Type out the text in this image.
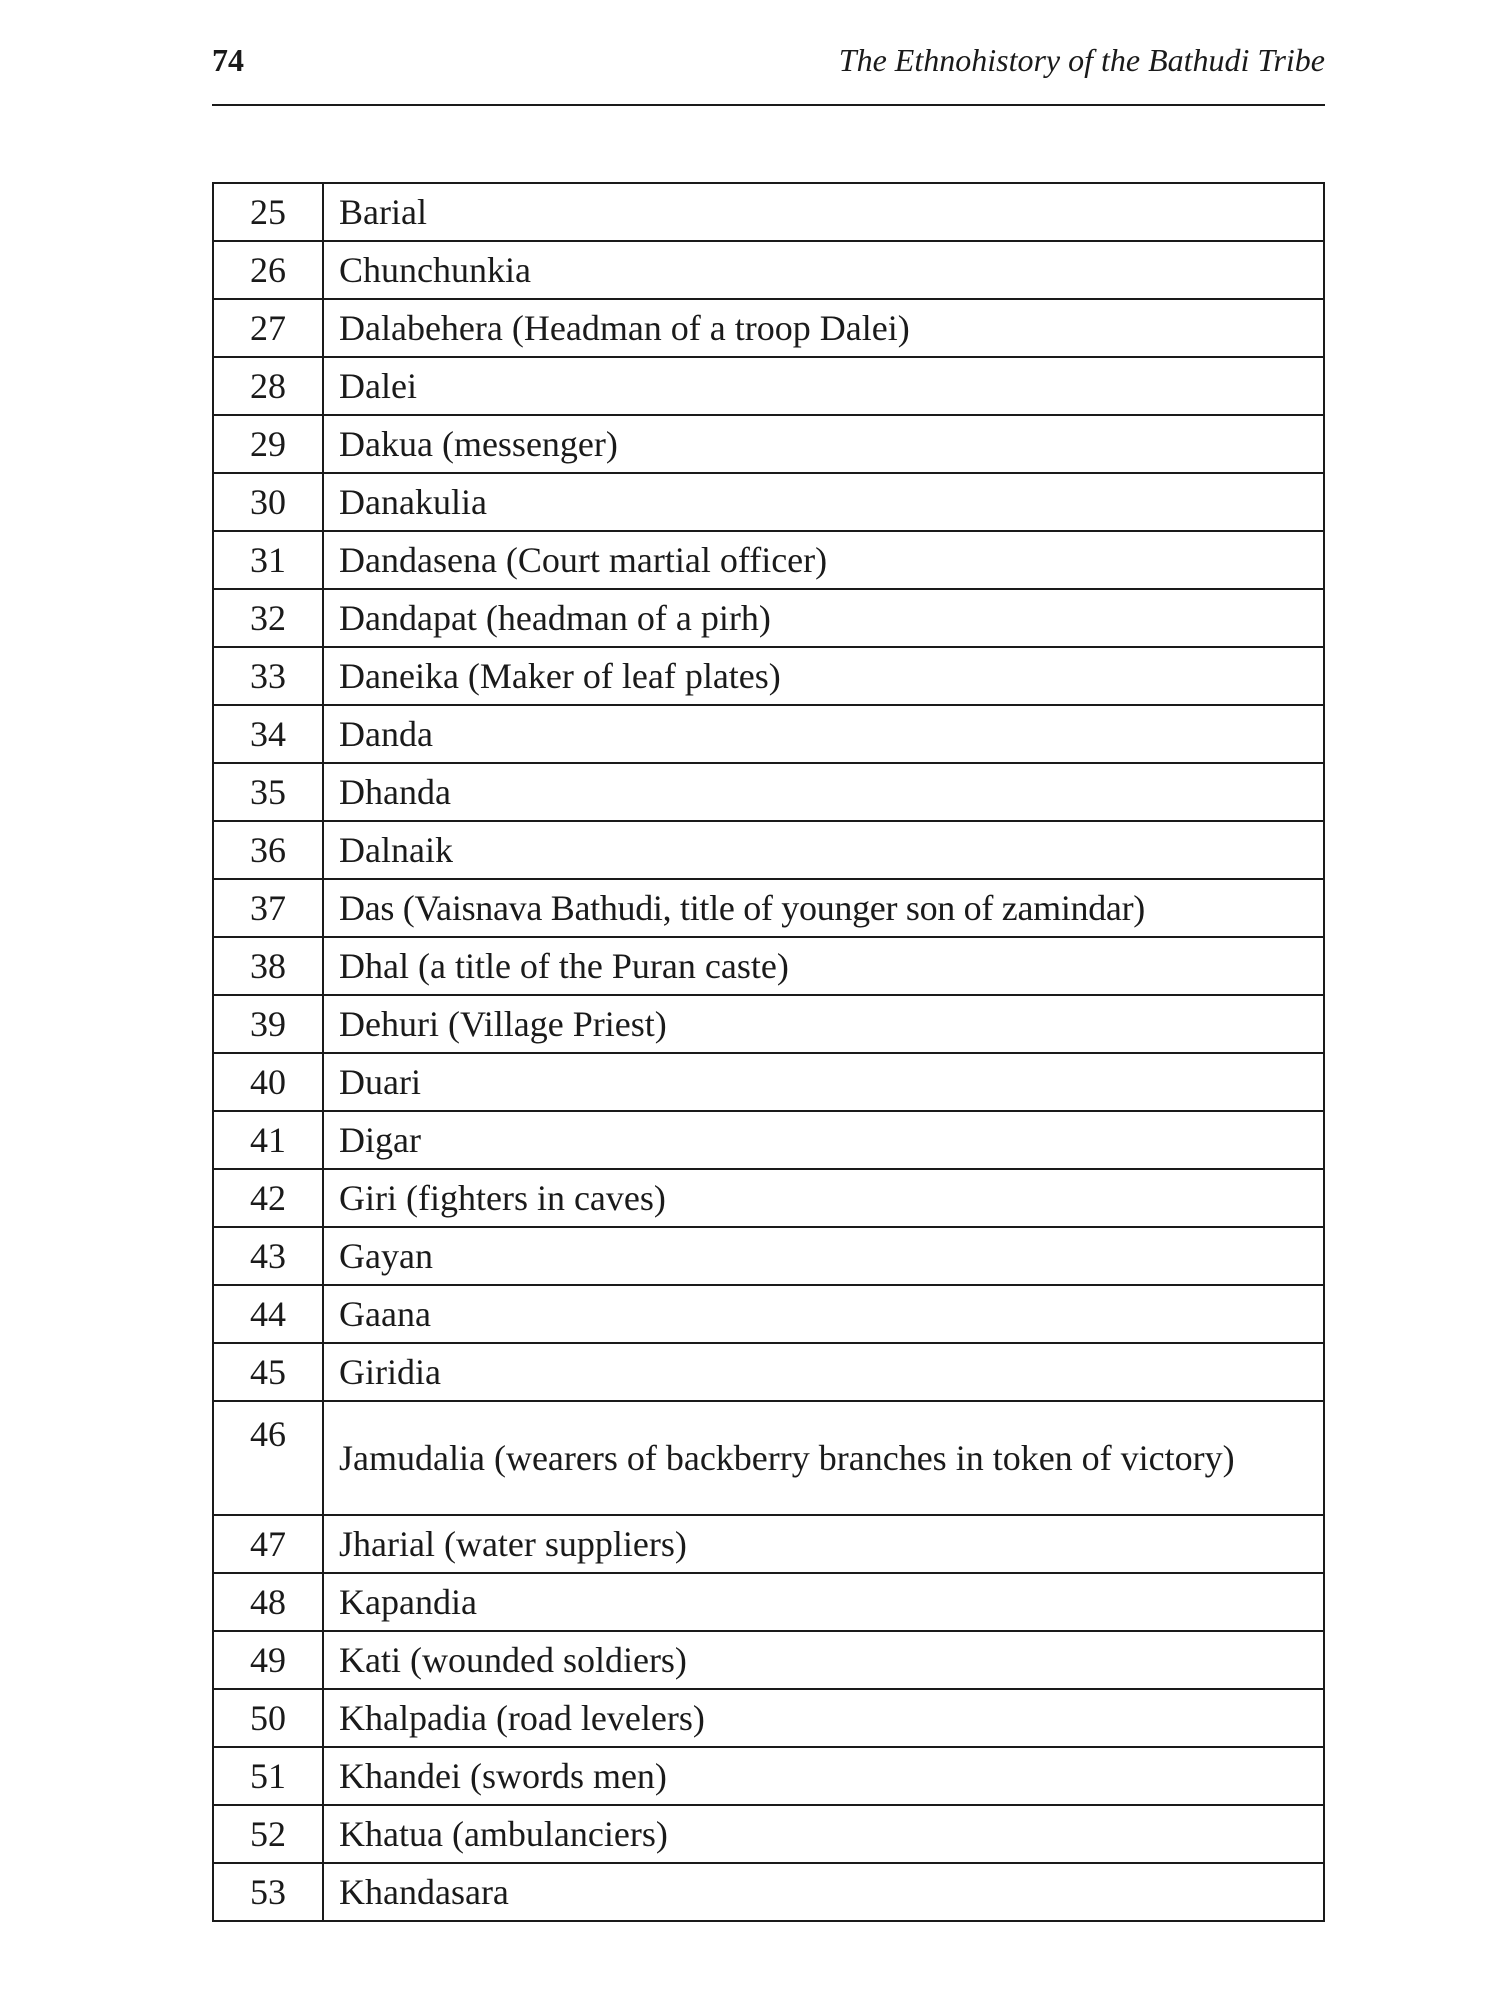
74	The Ethnohistory of the Bathudi Tribe
25	Barial
26	Chunchunkia
27	Dalabehera (Headman of a troop Dalei)
28	Dalei
29	Dakua (messenger)
30	Danakulia
31	Dandasena (Court martial officer)
32	Dandapat (headman of a pirh)
33	Daneika (Maker of leaf plates)
34	Danda
35	Dhanda
36	Dalnaik
37	Das (Vaisnava Bathudi, title of younger son of zamindar)
38	Dhal (a title of the Puran caste)
39	Dehuri (Village Priest)
40	Duari
41	Digar
42	Giri (fighters in caves)
43	Gayan
44	Gaana
45	Giridia
46	Jamudalia (wearers of backberry branches in token of victory)
47	Jharial (water suppliers)
48	Kapandia
49	Kati (wounded soldiers)
50	Khalpadia (road levelers)
51	Khandei (swords men)
52	Khatua (ambulanciers)
53	Khandasara
